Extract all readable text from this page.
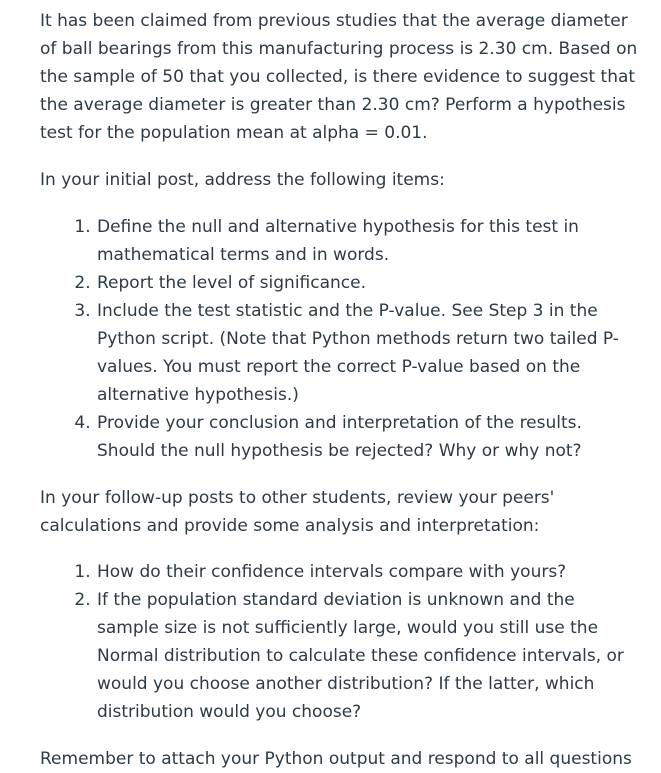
It has been claimed from previous studies that the average diameter of ball bearings from this manufacturing process is 2.30 cm. Based on the sample of 50 that you collected, is there evidence to suggest that the average diameter is greater than 2.30 cm? Perform a hypothesis test for the population mean at alpha = 0.01.

In your initial post, address the following items:

1. Define the null and alternative hypothesis for this test in mathematical terms and in words.
2. Report the level of significance.
3. Include the test statistic and the P-value. See Step 3 in the Python script. (Note that Python methods return two tailed P-values. You must report the correct P-value based on the alternative hypothesis.)
4. Provide your conclusion and interpretation of the results. Should the null hypothesis be rejected? Why or why not?

In your follow-up posts to other students, review your peers' calculations and provide some analysis and interpretation:

1. How do their confidence intervals compare with yours?
2. If the population standard deviation is unknown and the sample size is not sufficiently large, would you still use the Normal distribution to calculate these confidence intervals, or would you choose another distribution? If the latter, which distribution would you choose?

Remember to attach your Python output and respond to all questions
